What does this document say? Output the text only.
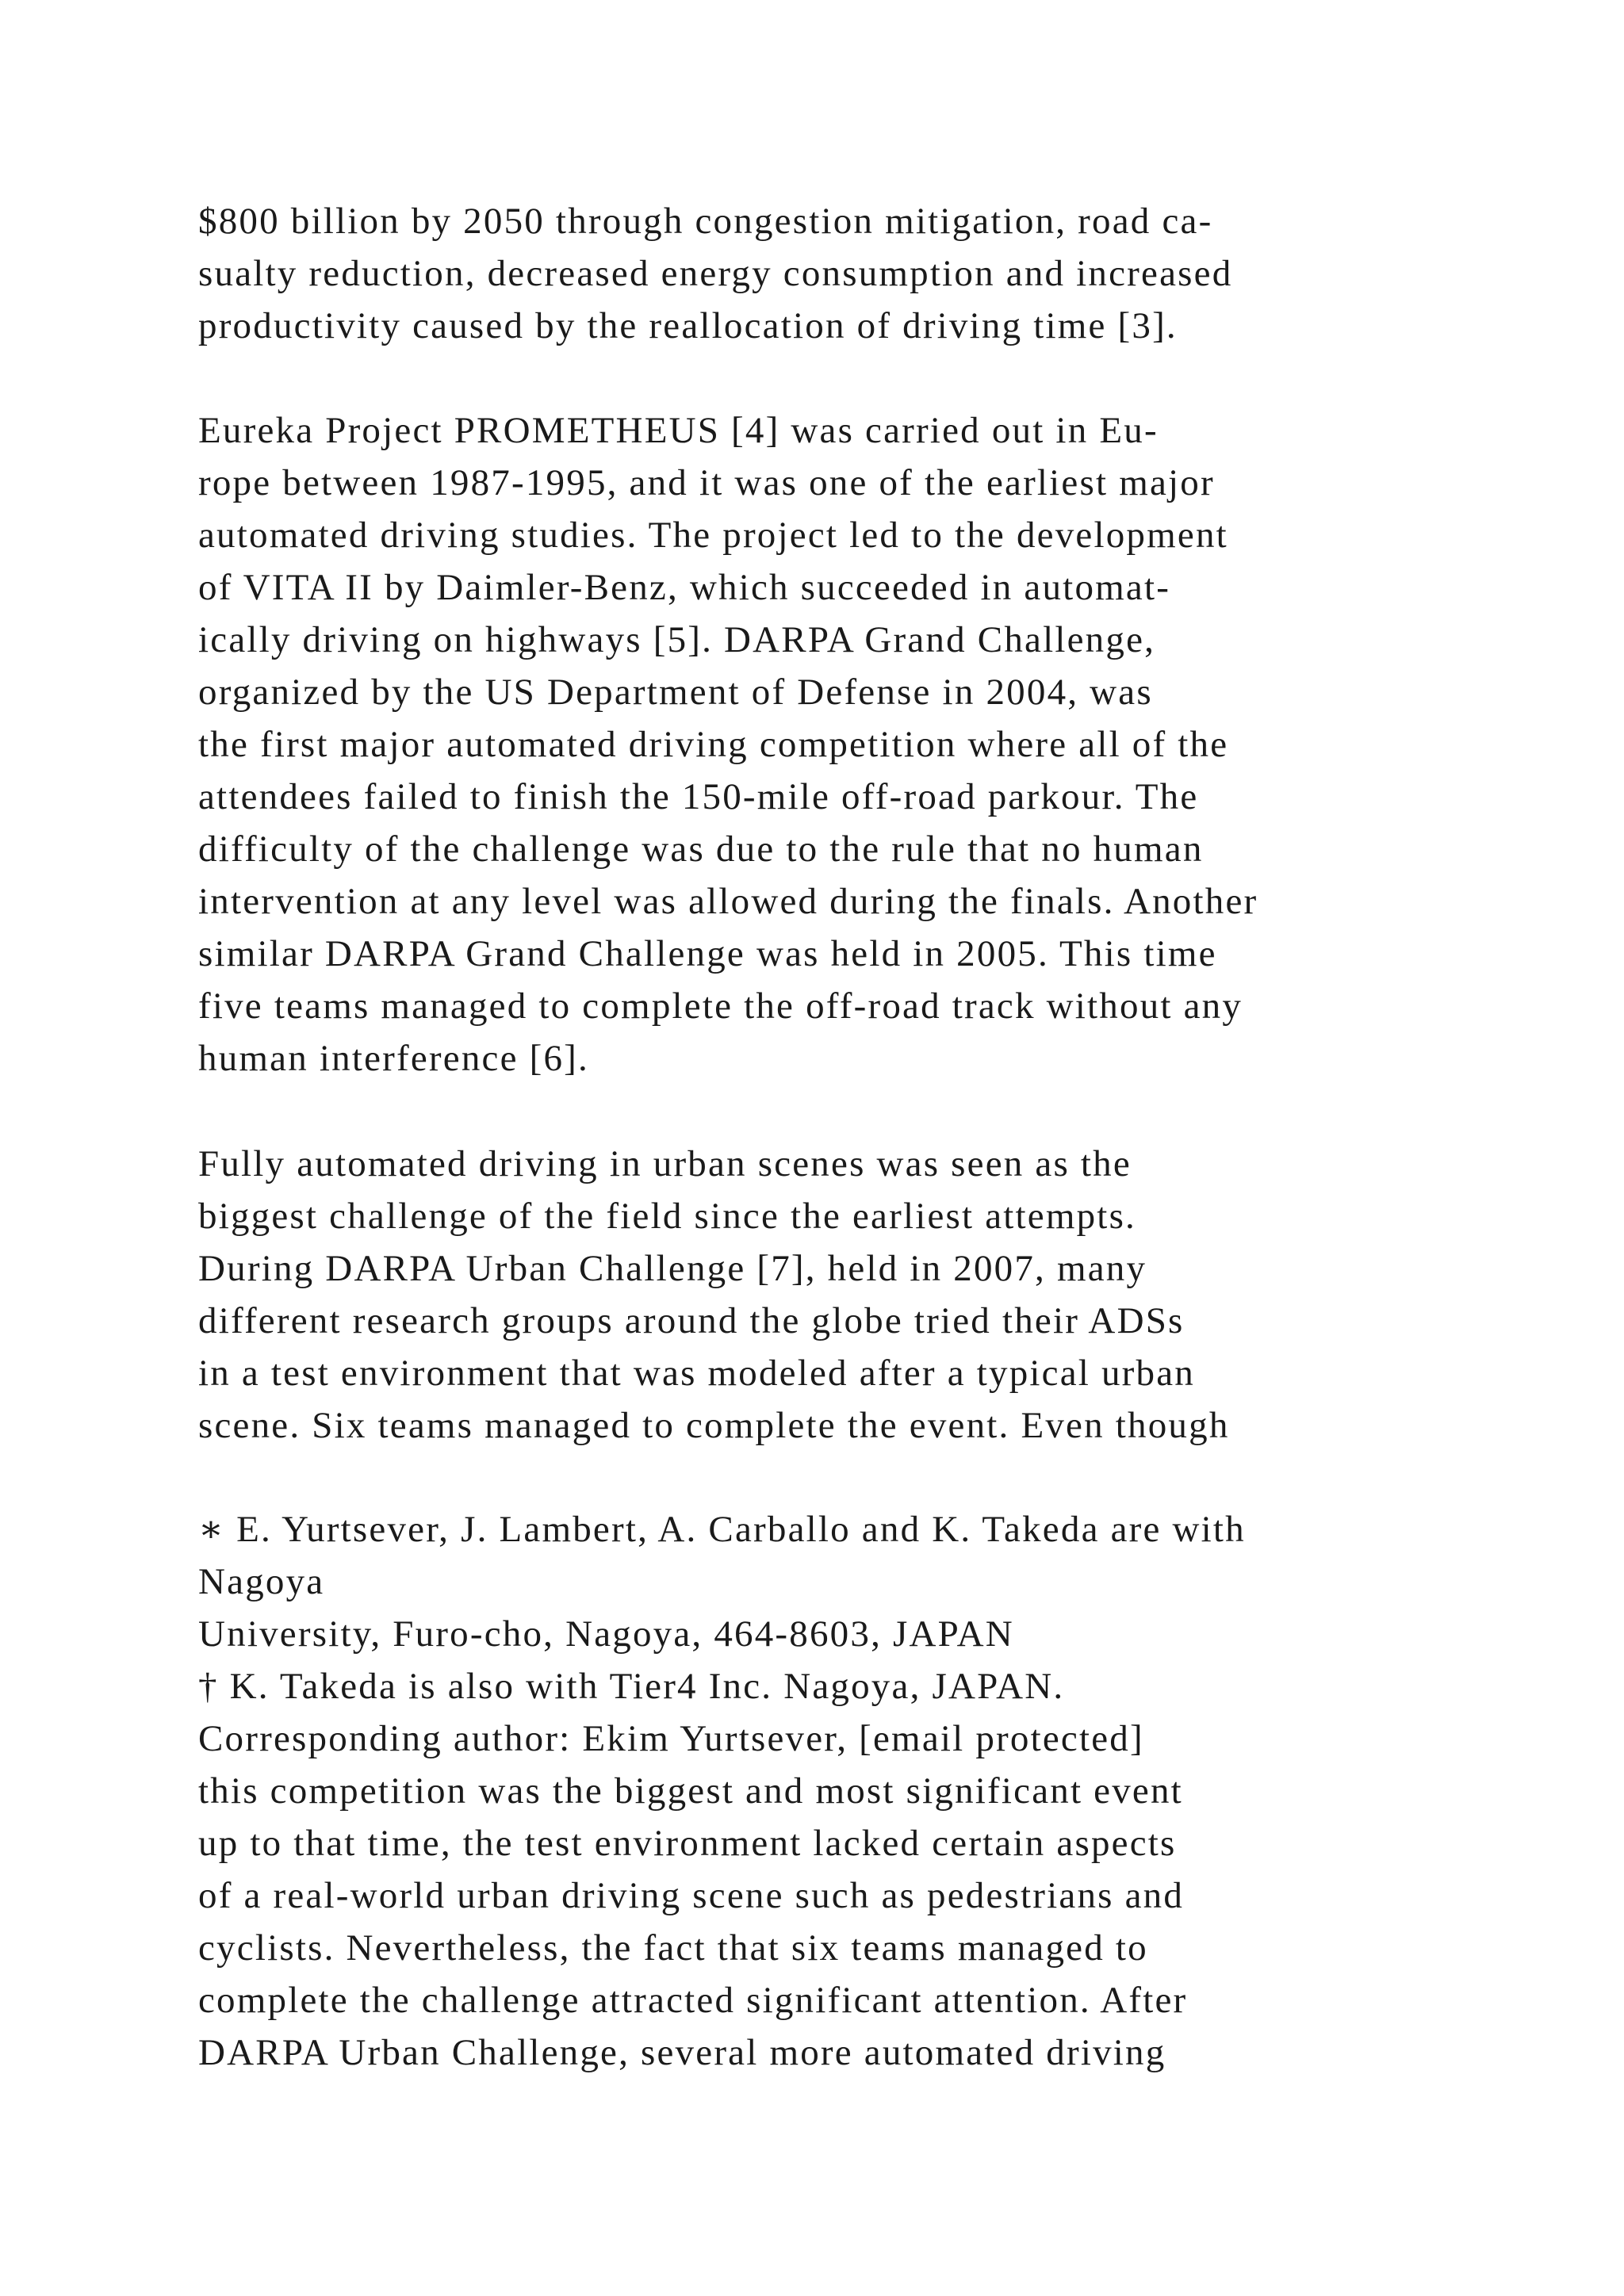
$800 billion by 2050 through congestion mitigation, road ca-
sualty reduction, decreased energy consumption and increased
productivity caused by the reallocation of driving time [3].

Eureka Project PROMETHEUS [4] was carried out in Eu-
rope between 1987-1995, and it was one of the earliest major
automated driving studies. The project led to the development
of VITA II by Daimler-Benz, which succeeded in automat-
ically driving on highways [5]. DARPA Grand Challenge,
organized by the US Department of Defense in 2004, was
the first major automated driving competition where all of the
attendees failed to finish the 150-mile off-road parkour. The
difficulty of the challenge was due to the rule that no human
intervention at any level was allowed during the finals. Another
similar DARPA Grand Challenge was held in 2005. This time
five teams managed to complete the off-road track without any
human interference [6].

Fully automated driving in urban scenes was seen as the
biggest challenge of the field since the earliest attempts.
During DARPA Urban Challenge [7], held in 2007, many
different research groups around the globe tried their ADSs
in a test environment that was modeled after a typical urban
scene. Six teams managed to complete the event. Even though

∗ E. Yurtsever, J. Lambert, A. Carballo and K. Takeda are with
Nagoya
University, Furo-cho, Nagoya, 464-8603, JAPAN
† K. Takeda is also with Tier4 Inc. Nagoya, JAPAN.
Corresponding author: Ekim Yurtsever, [email protected]
this competition was the biggest and most significant event
up to that time, the test environment lacked certain aspects
of a real-world urban driving scene such as pedestrians and
cyclists. Nevertheless, the fact that six teams managed to
complete the challenge attracted significant attention. After
DARPA Urban Challenge, several more automated driving
